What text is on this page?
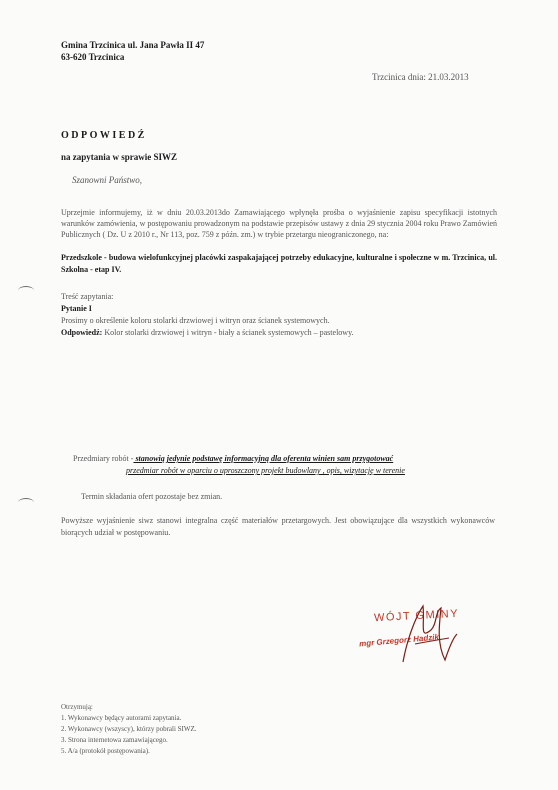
Gmina Trzcinica ul. Jana Pawła II 47
63-620 Trzcinica
Trzcinica dnia: 21.03.2013
ODPOWIEDŹ
na zapytania w sprawie SIWZ
Szanowni Państwo,
Uprzejmie informujemy, iż w dniu 20.03.2013do Zamawiającego wpłynęła prośba o wyjaśnienie zapisu specyfikacji istotnych warunków zamówienia, w postępowaniu prowadzonym na podstawie przepisów ustawy z dnia 29 stycznia 2004 roku Prawo Zamówień Publicznych ( Dz. U z 2010 r., Nr 113, poz. 759 z późn. zm.) w trybie przetargu nieograniczonego, na:
Przedszkole - budowa wielofunkcyjnej placówki zaspakajającej potrzeby edukacyjne, kulturalne i społeczne w m. Trzcinica, ul. Szkolna - etap IV.
Treść zapytania:
Pytanie I
Prosimy o określenie koloru stolarki drzwiowej i witryn oraz ścianek systemowych.
Odpowiedź: Kolor stolarki drzwiowej i witryn - biały a ścianek systemowych – pastelowy.
Przedmiary robót - stanowią jedynie podstawę informacyjną dla oferenta winien sam przygotować
przedmiar robót w oparciu o uproszczony projekt budowlany , opis, wizytację w terenie
Termin składania ofert pozostaje bez zmian.
Powyższe wyjaśnienie siwz stanowi integralna część materiałów przetargowych. Jest obowiązujące dla wszystkich wykonawców biorących udział w postępowaniu.
WÓJT GMINY
mgr Grzegorz Hadzik
Otrzymują:
1. Wykonawcy będący autorami zapytania.
2. Wykonawcy (wszyscy), którzy pobrali SIWZ.
3. Strona internetowa zamawiającego.
5. A/a (protokół postępowania).
